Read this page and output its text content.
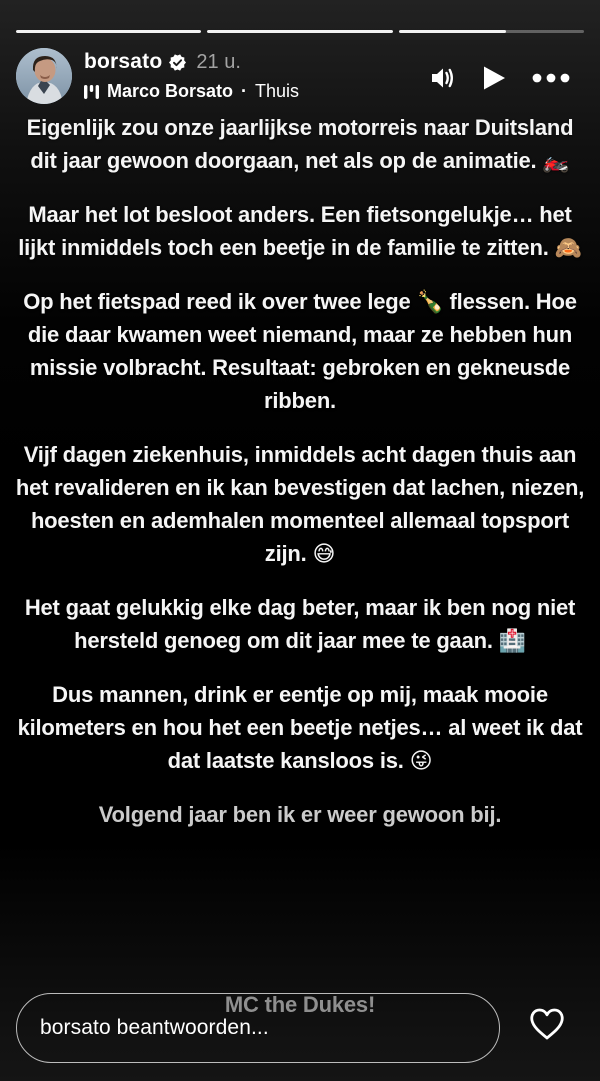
borsato 21 u.
Marco Borsato · Thuis

Eigenlijk zou onze jaarlijkse motorreis naar Duitsland dit jaar gewoon doorgaan, net als op de animatie. 🏍️

Maar het lot besloot anders. Een fietsongelukje… het lijkt inmiddels toch een beetje in de familie te zitten. 🙈

Op het fietspad reed ik over twee lege 🍾 flessen. Hoe die daar kwamen weet niemand, maar ze hebben hun missie volbracht. Resultaat: gebroken en gekneusde ribben.

Vijf dagen ziekenhuis, inmiddels acht dagen thuis aan het revalideren en ik kan bevestigen dat lachen, niezen, hoesten en ademhalen momenteel allemaal topsport zijn. 😅

Het gaat gelukkig elke dag beter, maar ik ben nog niet hersteld genoeg om dit jaar mee te gaan. 🏥

Dus mannen, drink er eentje op mij, maak mooie kilometers en hou het een beetje netjes… al weet ik dat dat laatste kansloos is. 😜

Volgend jaar ben ik er weer gewoon bij.

MC the Dukes!
borsato beantwoorden...
